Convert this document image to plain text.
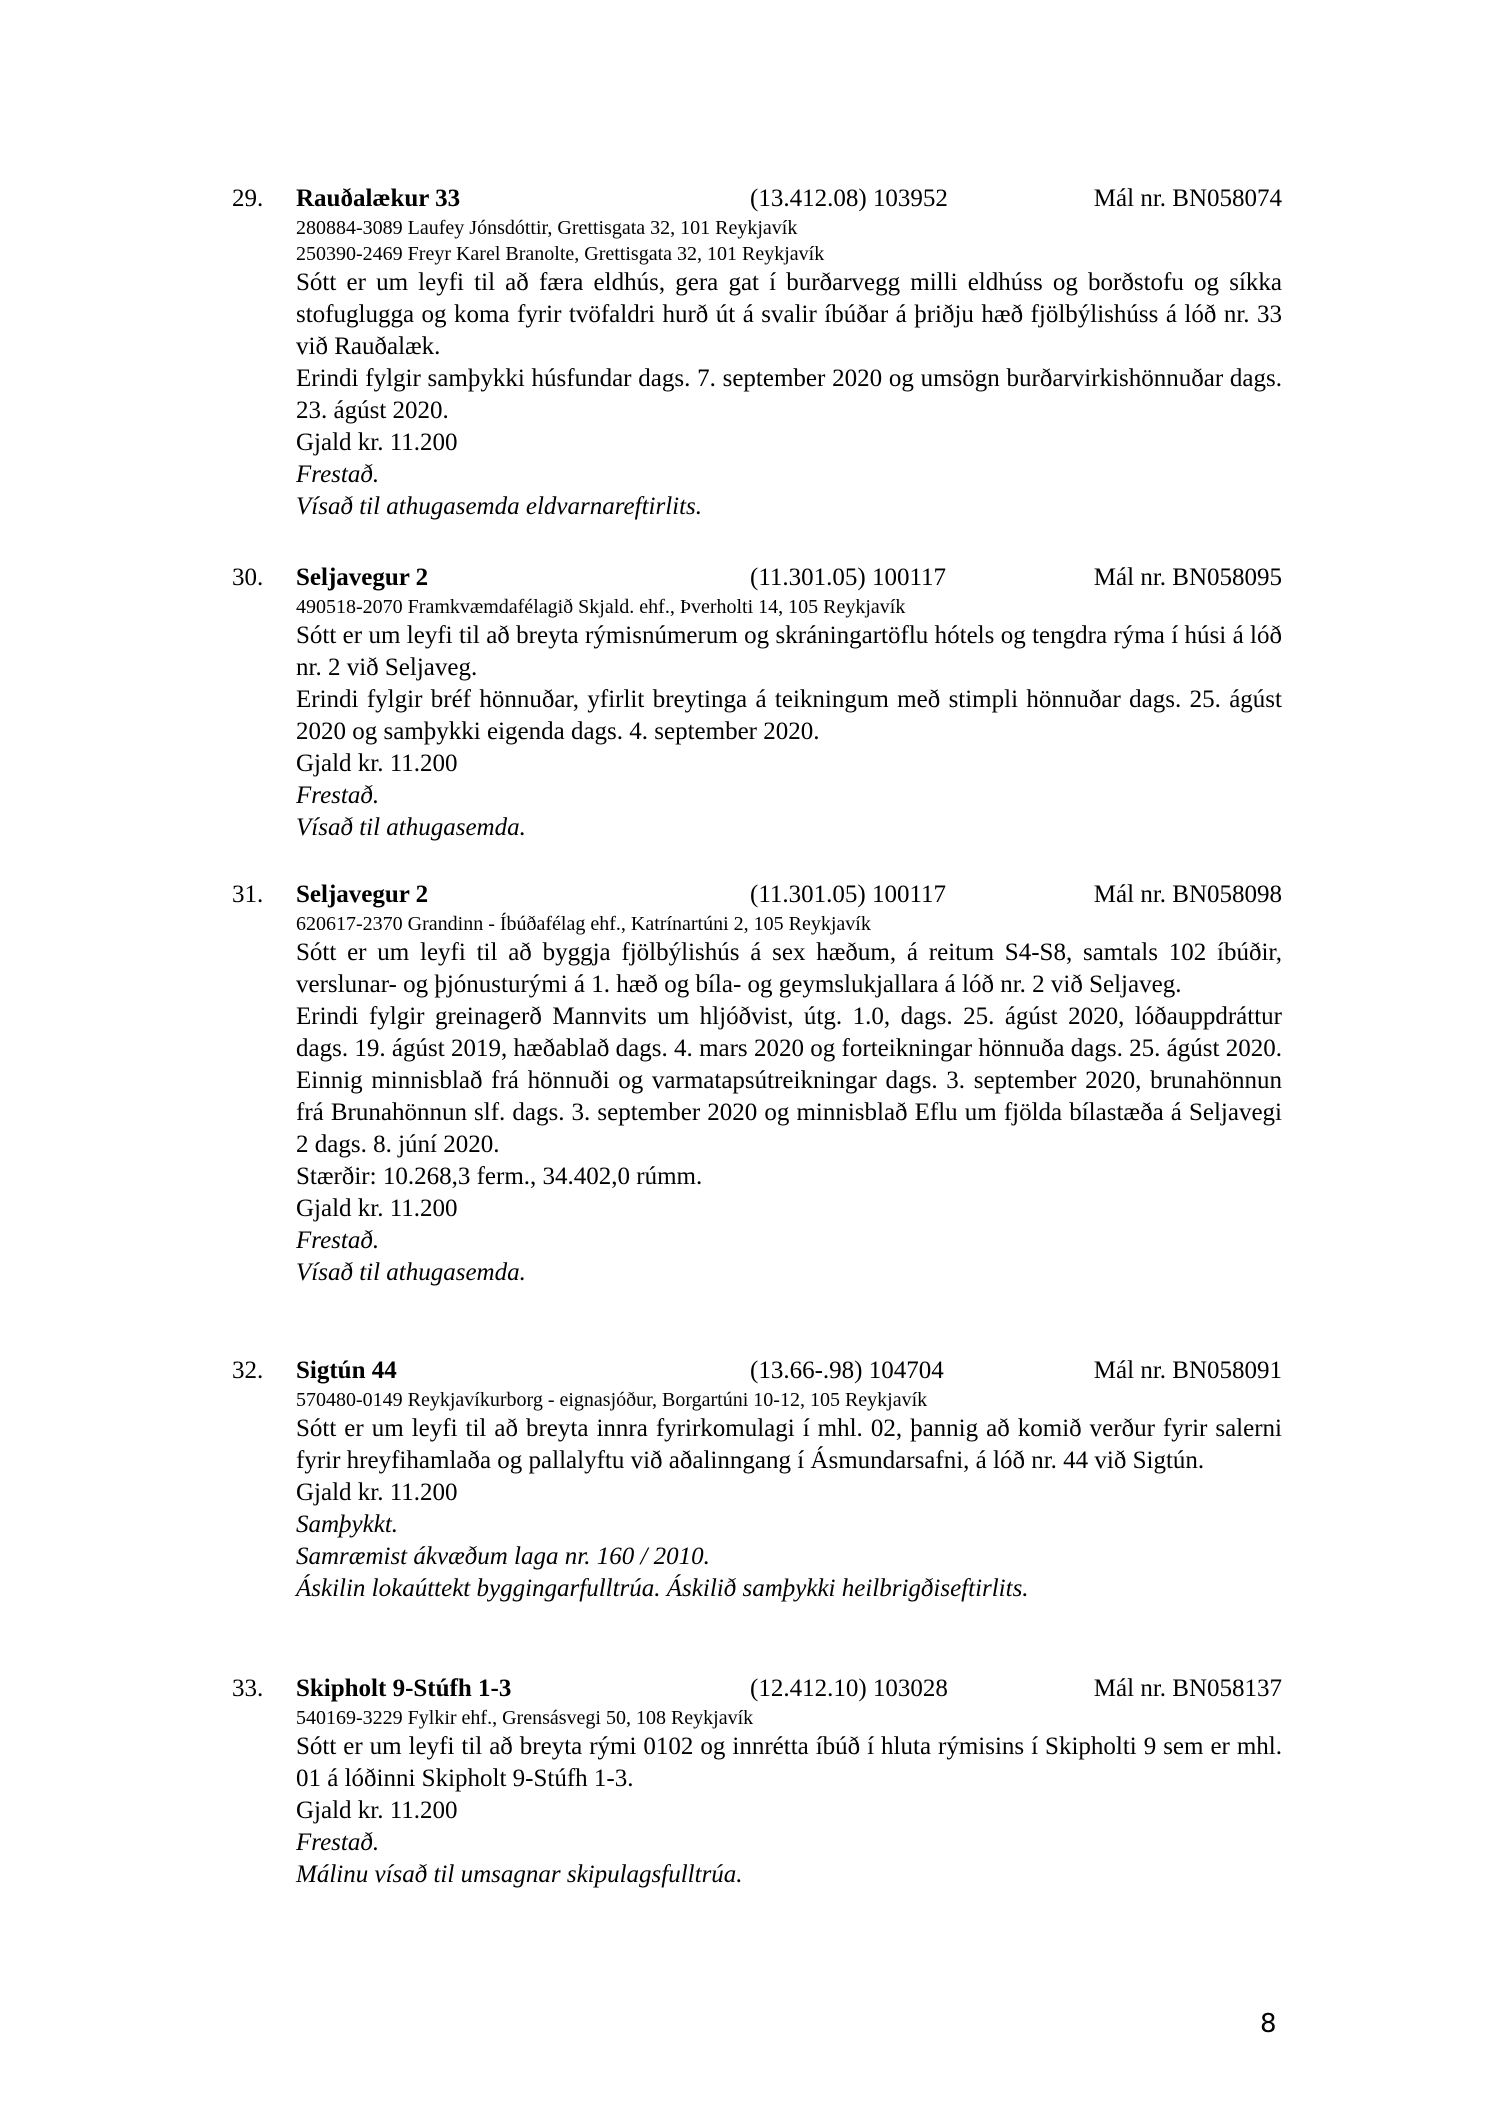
29. Rauðalækur 33	(13.412.08) 103952	Mál nr. BN058074
280884-3089 Laufey Jónsdóttir, Grettisgata 32, 101 Reykjavík
250390-2469 Freyr Karel Branolte, Grettisgata 32, 101 Reykjavík
Sótt er um leyfi til að færa eldhús, gera gat í burðarvegg milli eldhúss og borðstofu og síkka stofuglugga og koma fyrir tvöfaldri hurð út á svalir íbúðar á þriðju hæð fjölbýlishúss á lóð nr. 33 við Rauðalæk.
Erindi fylgir samþykki húsfundar dags. 7. september 2020 og umsögn burðarvirkishönnuðar dags. 23. ágúst 2020.
Gjald kr. 11.200
Frestað.
Vísað til athugasemda eldvarnareftirlits.
30. Seljavegur 2	(11.301.05) 100117	Mál nr. BN058095
490518-2070 Framkvæmdafélagið Skjald. ehf., Þverholti 14, 105 Reykjavík
Sótt er um leyfi til að breyta rýmisnúmerum og skráningartöflu hótels og tengdra rýma í húsi á lóð nr. 2 við Seljaveg.
Erindi fylgir bréf hönnuðar, yfirlit breytinga á teikningum með stimpli hönnuðar dags. 25. ágúst 2020 og samþykki eigenda dags. 4. september 2020.
Gjald kr. 11.200
Frestað.
Vísað til athugasemda.
31. Seljavegur 2	(11.301.05) 100117	Mál nr. BN058098
620617-2370 Grandinn - Íbúðafélag ehf., Katrínartúni 2, 105 Reykjavík
Sótt er um leyfi til að byggja fjölbýlishús á sex hæðum, á reitum S4-S8, samtals 102 íbúðir, verslunar- og þjónusturými á 1. hæð og bíla- og geymslukjallara á lóð nr. 2 við Seljaveg.
Erindi fylgir greinagerð Mannvits um hljóðvist, útg. 1.0, dags. 25. ágúst 2020, lóðauppdráttur dags. 19. ágúst 2019, hæðablað dags. 4. mars 2020 og forteikningar hönnuða dags. 25. ágúst 2020. Einnig minnisblað frá hönnuði og varmatapsútreikningar dags. 3. september 2020, brunahönnun frá Brunahönnun slf. dags. 3. september 2020 og minnisblað Eflu um fjölda bílastæða á Seljavegi 2 dags. 8. júní 2020.
Stærðir: 10.268,3 ferm., 34.402,0 rúmm.
Gjald kr. 11.200
Frestað.
Vísað til athugasemda.
32. Sigtún 44	(13.66-.98) 104704	Mál nr. BN058091
570480-0149 Reykjavíkurborg - eignasjóður, Borgartúni 10-12, 105 Reykjavík
Sótt er um leyfi til að breyta innra fyrirkomulagi í mhl. 02, þannig að komið verður fyrir salerni fyrir hreyfihamlaða og pallalyftu við aðalinngang í Ásmundarsafni, á lóð nr. 44 við Sigtún.
Gjald kr. 11.200
Samþykkt.
Samræmist ákvæðum laga nr. 160 / 2010.
Áskilin lokaúttekt byggingarfulltrúa. Áskilið samþykki heilbrigðiseftirlits.
33. Skipholt 9-Stúfh 1-3	(12.412.10) 103028	Mál nr. BN058137
540169-3229 Fylkir ehf., Grensásvegi 50, 108 Reykjavík
Sótt er um leyfi til að breyta rými 0102 og innrétta íbúð í hluta rýmisins í Skipholti 9 sem er mhl. 01 á lóðinni Skipholt 9-Stúfh 1-3.
Gjald kr. 11.200
Frestað.
Málinu vísað til umsagnar skipulagsfulltrúa.
8
